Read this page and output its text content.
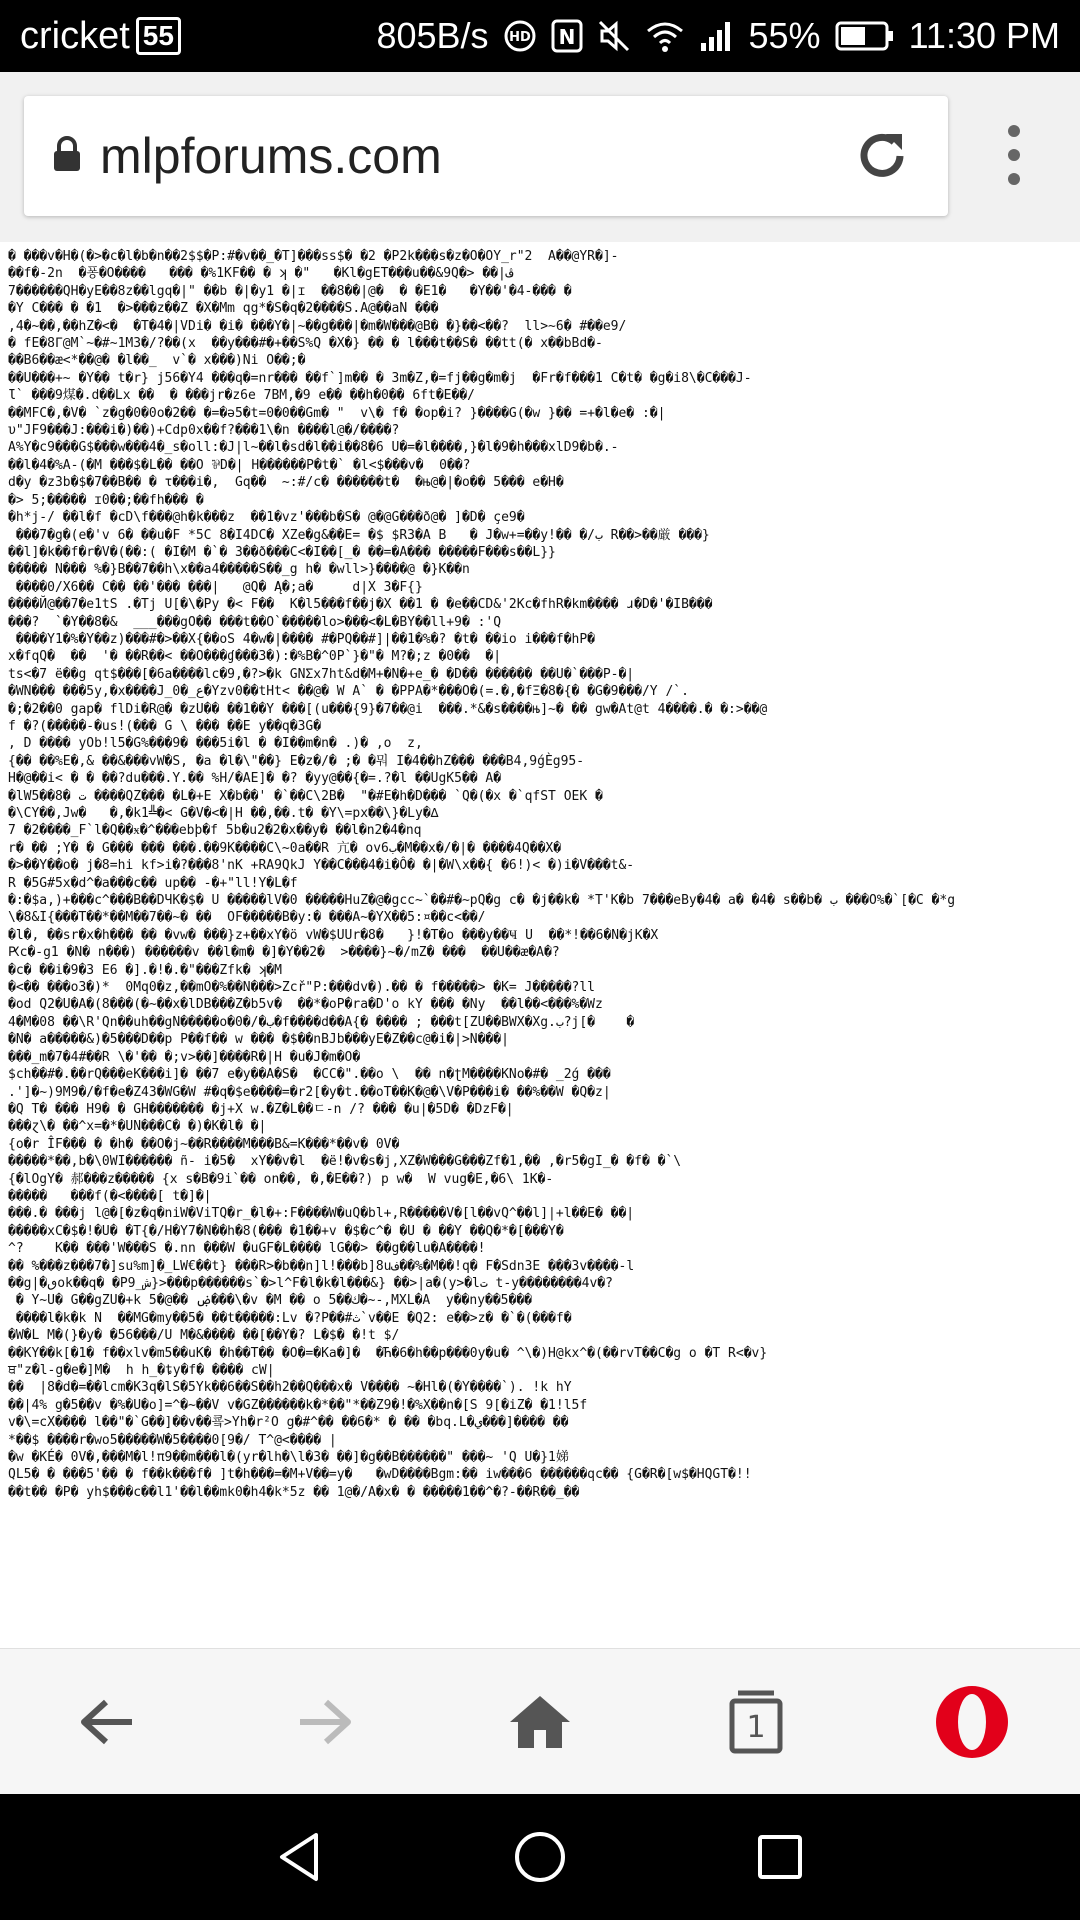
cricket 55	805B/s HD N	55% 11:30 PM
mlpforums.com
� ���v�H�(�>�c�l�b�n��2$$�P:#�v��_�T]���ss$� �2 �P2k���s�z�O�OY_r"2  A��@YR�]-
��f�-2n  �퐁�O����   ��� �%1KF�� � ʞ �"   �Kl�gET���u��&9Q�> ��|ڤ
7������QH�yE��8z��lgq�|" ��b �|�y1 �|ɪ  ��8��|@�  � �E1�   �Y��'�4-��� �
�Y C��� � �1  �>���z��Z �X�Mm qg*�S�q�2����S.A@��aN ���
,4�~��,��hZ�<�  �T�4�|VDi� �i� ���Y�|~��g���|�m�W���@B� �}��<��?  ll>~6� #��e9/
� fE�8Γ@M`~�#~1M3�/?��(x  ��y���#�+��S%Q �X�} �� � l���t��S� ��tt(� x��bBd�-
��B6��æ<*��@� �l��_  v`� x���)Ni O��;�
��U���+~ �Y�� t�r} j56�Y4 ���q�=nr��� ��f`]m�� � 3m�Z,�=fj��g�m�j  �Fr�f���1 C�t� �g�i8\�C���J-
Ɩ` ���9煤�.d��Lx ��  � ���jr�z6e 7BM,�9 e�� ��h�0�� 6ft�E��/
��MFC�,�V� `z�g�0�0o�2�� �=�ǝ5�t=0�0��Gm� "  v\� f� �op�i? }����G(�w }�� =+�l�e� :�|
υ"JF9���J:���i�)��)+Cdp0x��f?���1\�n ����l@�/����?
A%Y�c9���G$���w���4�_s�oll:�J|l~��l�sd�l��i��8�6 U�=�l����,}�l�9�h���xlD9�b�.-
��l�4�%A-(�M ���$�L�� ��O ⅌D�| H������P�t�` �l<$���v�  0��?
d�y �z3b�$�7��B�� � τ���i�,  Gq��  ~:#/c� ������t�  �њ@�|�o�� 5��� e�H�
�> 5;����� ɪ0��;��fh��� �
�h*j-/ ��l�f �cD\f���@h�k���z  ��1�vz'���b�S� @�@G���ð@� ]�D� çe9�
���7�g�(e�'v 6� ��u�F *5C 8�I4DC� XZe�g&��E= �$ $R3�A B   � J�w+=��y!�� �/ب R��>��厳 ���}
��l]�k��f�r�V�(��:( �I�M �`� 3��ð���C<�I��[_� ��=�A��� �����F���s��L}}
����� N��� %�}B��7��h\x��a4�����S��_g h� �wll>}����@ �}K��n
����0/X6�� C�� ��'��� ���|   @Q� Ą�;a�     d|X 3�F{}
����Й@��7�e1tS .�Tj U[�\�Py �< F��  K�l5���f��j�X ��1 � �e��CD&'2Kc�fhR�km���� ɹ�D�'�IB���
���?  `�Y��8�&  ___���gO�� ���t��O`�����lo>���<�L�BY��ll+9� :'Q
����Y1�%�Y��z)���#�>��X{��oS 4�w�|���� #�PQ��#]|��1�%�? �t� ��io i���f�hP�
x�fqQ�  ��  '� ��R��< ��O���ɠ���3�):�%B�^0P`}�"� M?�;z �0��  �|
ts<�7 ë��g qt$���[�6a����lc�9,�?>�k GNΣx7ht&d�M+�N�+e_� �D�� ������ ��U�`���P-�|
�WN��� ���5y,�x����J_ع_�0�Yzv0��tHt< ��@� W A` � �PPA�*���O�(=.�,�fΞ�8�{� �G�9���/Y /`.
�;�2��0 gap� flDi�R@� �zU�� ��1��Y ���[(u���{9}�7��@i  ���.*&�s����њ]~� �� gw�At@t 4����.� �:>��@
f �?(�����-�us!(��� G \ ��� ��E у��q�3G�
, D ���� yOb!l5�G%���9� ���5i�l � �I��m�n� .)� ,o  z,
{�� ��%E�,& ��&���vW�S, �a �l�\"��} E�z�/� ;� �뭐 I�4��hZ��� ���B4,9ǵÈg95-
H�@��i< � � ��?du���.Y.�� %H/�AE]� �? �yy@��{�=.?�l ��UgK5�� A�
�lW5��8� ت ����QZ��� �L�+E X�b��' �`��C\2B�  "�#E�h�D��� `Q�(�x �`qfST OEK �
�\CY��,Jw�   �,�k1╩�< G�V�<�|H ��,��.t� �Y\=pх��\}�Ly�∆
7 �2����_F`l�Q��ӿ�^���ebþ�f 5b�u2�2�x��y� ��l�n2�4�nq
r� �� ;Y� � G��� ��� ���.��9K����C\~0a��R 亢� ov6ب�M��x�/�|� ����4Q��X�
�>��Y��o� j�8=hi kf>i�?���8'nK +RA9QkJ Y��C���4�i�Ô� �|�W\x��{ �6!)< �)i�V���t&-
R �5G#5x�d^�a���c�� up�� -�+"ll!Y�L�f
�:�$a,)+���c^���B��DЧK�$� U �����lV�0 �����HuZ�@�gcc~`��#�~pQ�g c� �j��k� *T'K�b 7���eBy�4� a� �4� s��b� ب ���O%�`[�C �*g
\�8&I{���T��*��M��7��~� ��  OF�����B�y:� ���A~�YX��5:¤��c<��/
�l�, ��sr�x�h��� �� �vw� ���}z+��xY�ö vW�$UUr�8�   }!�T�o ���y��Ҹ U  ��*!��6�N�jK�X
Ԗc�-g1 �N� n���) ������v ��l�m� �]�Y��2�  >����}~�/mZ� ���  ��U��æ�A�?
�c� ��i�9�3 E6 �].�!�.�"���Zfk� ʞ�M
�<�� ���o3�)*  0Mq0�z,��mO�%��N���>Zcř"P:���dv�).�� � f�����> �K= J�����?ll
�od Q2�U�A�(8���(�~��x�lDB���Z�b5v�  ��*�oP�ra�D'o kY ��� �Ny  ��l��<���%�Wz
4�M�08 ��\R'Qn��uh��gN�����o�0�/�ب�f����d��A{� ���� ; ���t[ZU��BWX�Xg.ب?j[�    �
�N� a�����&)�5���D��p P��f�� w ��� �$��nBJb���yE�Z��c@�i�|>N���|
���_m�7�4#��R \�'�� �;v>��]����R�|H �u�J�m�O�
$ch��#�.��rQ���eK���i]� ��7 e�y��A�S�  �CC�".��o \  �� n�ʈM����KNo�#� _2ǵ ���
.']�~)9M9�/�f�e�Z43�WG�W #�q�$e����=�r2[�y�t.��oT��K�@�\V�P���i� ��%��W �Q�z|
�Q T� ��� H9� � GH������� �j+X w.�Z�L��ㄷ-n /? ��� �u|�5D� �DzF�|
���ɀ\� ��^x=�*�UN���C� �)�K�l� �|
{o�r ÎF��� � �h� ��O�j~��R����M���B&=K���*��v� 0V�
�����*��,b�\0WI������ ñ- i�5�  xY��v�l  �ë!�v�s�j,XZ�W���G���Zf�1,�� ,�r5�gI_� �f� �`\
{�lOgY� 郝���z����� {x s�B�9i`�� on��, �,�E��?) p w�  W vug�E,�6\ 1K�-
�����   ���f(�<����[ t�]�|
���.� ���j l@�[�z�q�niW�ViTQ�r_�l�+:F����W�uQ�bl+,R�����V�[l��vQ^��l]|+l��E� ��|
�����xC�$�!�U� �T{�/H�Y7�N��h�8(��� �1��+v �$�c^� �U � ��Y ��Q�*�[���Y�
^?    K�� ���'W���S �.nn ���W �uGF�L���� lG��> ��g��lu�A����!
�� %���z���7�]su%m]�_LW€��t} ���R>�b��n]l!���b]8uف��%�M��!q� F�Sdn3E ���3v����-l
��g|�ٯok��q� �P9_ش}>���p������s`�>l^F�l�k�l���&} ��>|a�(y>�lت t-y��������4v�?
� Y~U� G��gZU�+k 5�@�� ۻ���\�v �M �� o 5��ك�~-,MXL�A  y��ny��5���
����l�k�k N  ��MG�my��5� ��t�����:Lv �?P��#ث`v��E �Q2: e��>z� �`�(���f�
�W�L M�(}�y� �56���/U M�&���� ��[��Y�? L�$� �!t $/
��KY��k[�1� f��xlv�m5��uK� �h��T�� �O�=�Ka�]�  �Ћ�6�h��p���0y�u� ^\�)H@kx^�(��rvT��C�g o �T R<�v}
ਥ"z�l-g�e�]M�  h h_�ȶy�f� ���� cW|
��  |8�d�=��lcm�K3q�lS�5Yk��6��S��h2��Q���x� V���� ~�Hl�(�Y����`). !k hY
��|4% g�5��v �%�U�o]=^�~��V v�GZ������k�*��"*��Z9�!�%X��n�[S 9[�iZ� �1!l5f
v�\=cX���� l��"�`G��]��v��쿜>Yh�r²O g�#^�� ��6�* � �� �bq.L�ي���]���� ��
*��$ ����r�wo5�����W�5����0[9�/ T^@<���� |
�w �KÉ� 0V�,���M�l!π9��m���l�(yr�lh�\l�3� ��]�g��B������" ���~ 'Q U�}1娣
QL5� � ���5'�� � f��k���f� ]t�h���=�M+V��=y�   �wD����Bgm:�� iw���6 ������qc�� {G�R�[w$�HQGT�!!
��t�� �P� yh$���c��l1'��l��mk0�h4�k*5z �� 1@�/A�x� � �����1��^�?-��R��_��
1
